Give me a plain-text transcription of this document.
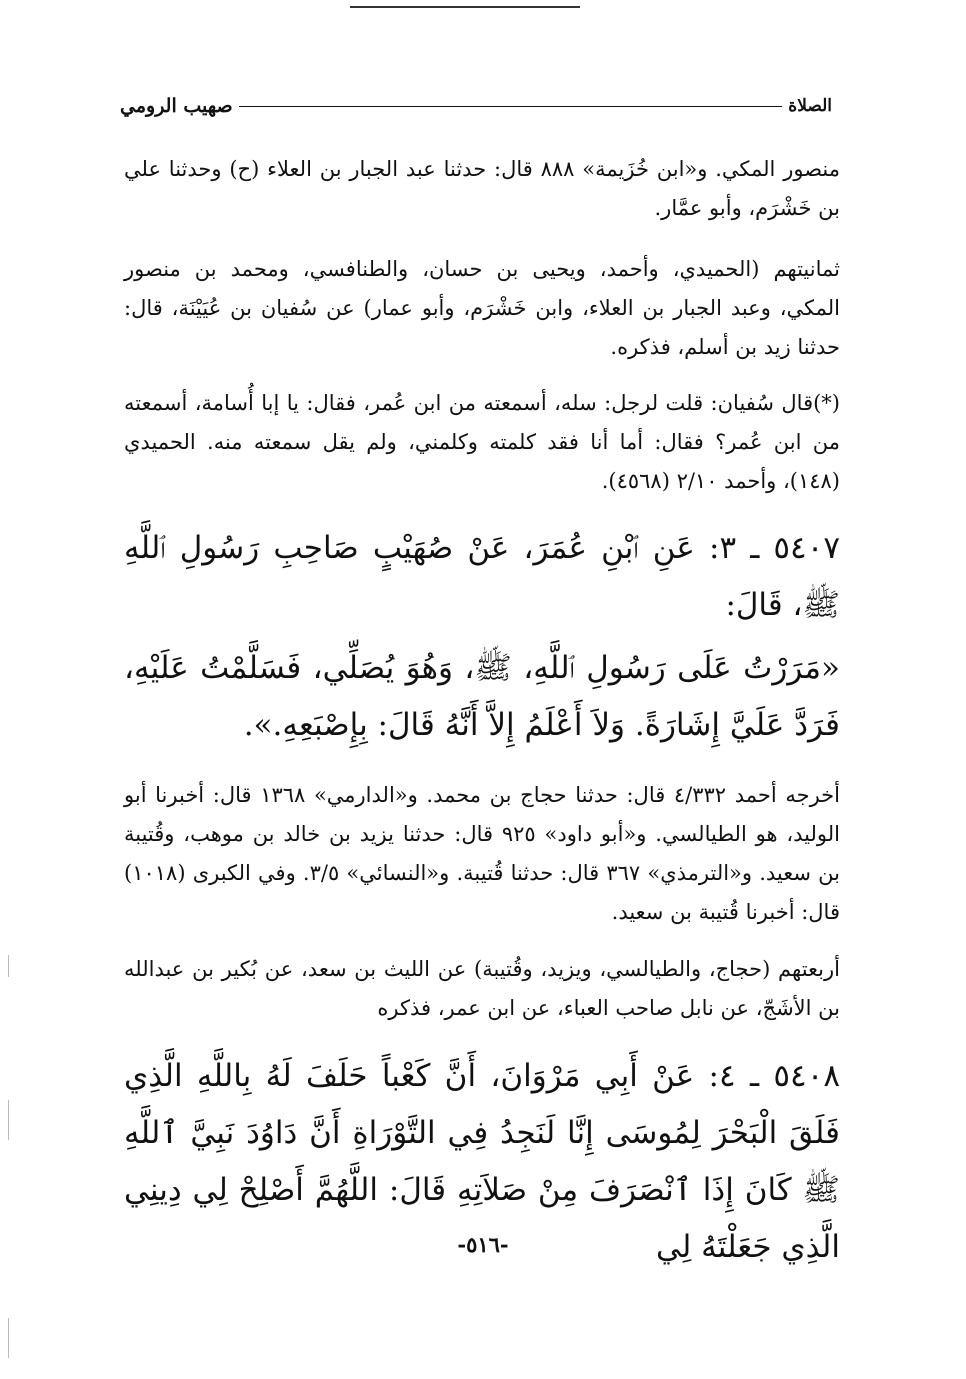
الصلاة
صهيب الرومي
منصور المكي. و«ابن خُزَيمة» ٨٨٨ قال: حدثنا عبد الجبار بن العلاء (ح) وحدثنا علي بن خَشْرَم، وأبو عمَّار.
ثمانيتهم (الحميدي، وأحمد، ويحيى بن حسان، والطنافسي، ومحمد بن منصور المكي، وعبد الجبار بن العلاء، وابن خَشْرَم، وأبو عمار) عن سُفيان بن عُيَيْنَة، قال: حدثنا زيد بن أسلم، فذكره.
(*)قال سُفيان: قلت لرجل: سله، أسمعته من ابن عُمر، فقال: يا إبا أُسامة، أسمعته من ابن عُمر؟ فقال: أما أنا فقد كلمته وكلمني، ولم يقل سمعته منه. الحميدي (١٤٨)، وأحمد ٢/١٠ (٤٥٦٨).
٥٤٠٧ ـ ٣: عَنِ ٱبْنِ عُمَرَ، عَنْ صُهَيْبٍ صَاحِبِ رَسُولِ ٱللَّهِ ﷺ، قَالَ:
«مَرَرْتُ عَلَى رَسُولِ ٱللَّهِ، ﷺ، وَهُوَ يُصَلِّي، فَسَلَّمْتُ عَلَيْهِ، فَرَدَّ عَلَيَّ إِشَارَةً. وَلاَ أَعْلَمُ إِلاَّ أَنَّهُ قَالَ: بِإِصْبَعِهِ.».
أخرجه أحمد ٤/٣٣٢ قال: حدثنا حجاج بن محمد. و«الدارمي» ١٣٦٨ قال: أخبرنا أبو الوليد، هو الطيالسي. و«أبو داود» ٩٢٥ قال: حدثنا يزيد بن خالد بن موهب، وقُتيبة بن سعيد. و«الترمذي» ٣٦٧ قال: حدثنا قُتيبة. و«النسائي» ٣/٥. وفي الكبرى (١٠١٨) قال: أخبرنا قُتيبة بن سعيد.
أربعتهم (حجاج، والطيالسي، ويزيد، وقُتيبة) عن الليث بن سعد، عن بُكير بن عبدالله بن الأشَجّ، عن نابل صاحب العباء، عن ابن عمر، فذكره
٥٤٠٨ ـ ٤: عَنْ أَبِي مَرْوَانَ، أَنَّ كَعْباً حَلَفَ لَهُ بِاللَّهِ الَّذِي فَلَقَ الْبَحْرَ لِمُوسَى إِنَّا لَنَجِدُ فِي التَّوْرَاةِ أَنَّ دَاوُدَ نَبِيَّ ٱللَّهِ ﷺ كَانَ إِذَا ٱنْصَرَفَ مِنْ صَلاَتِهِ قَالَ: اللَّهُمَّ أَصْلِحْ لِي دِينِي الَّذِي جَعَلْتَهُ لِي
-٥١٦-
